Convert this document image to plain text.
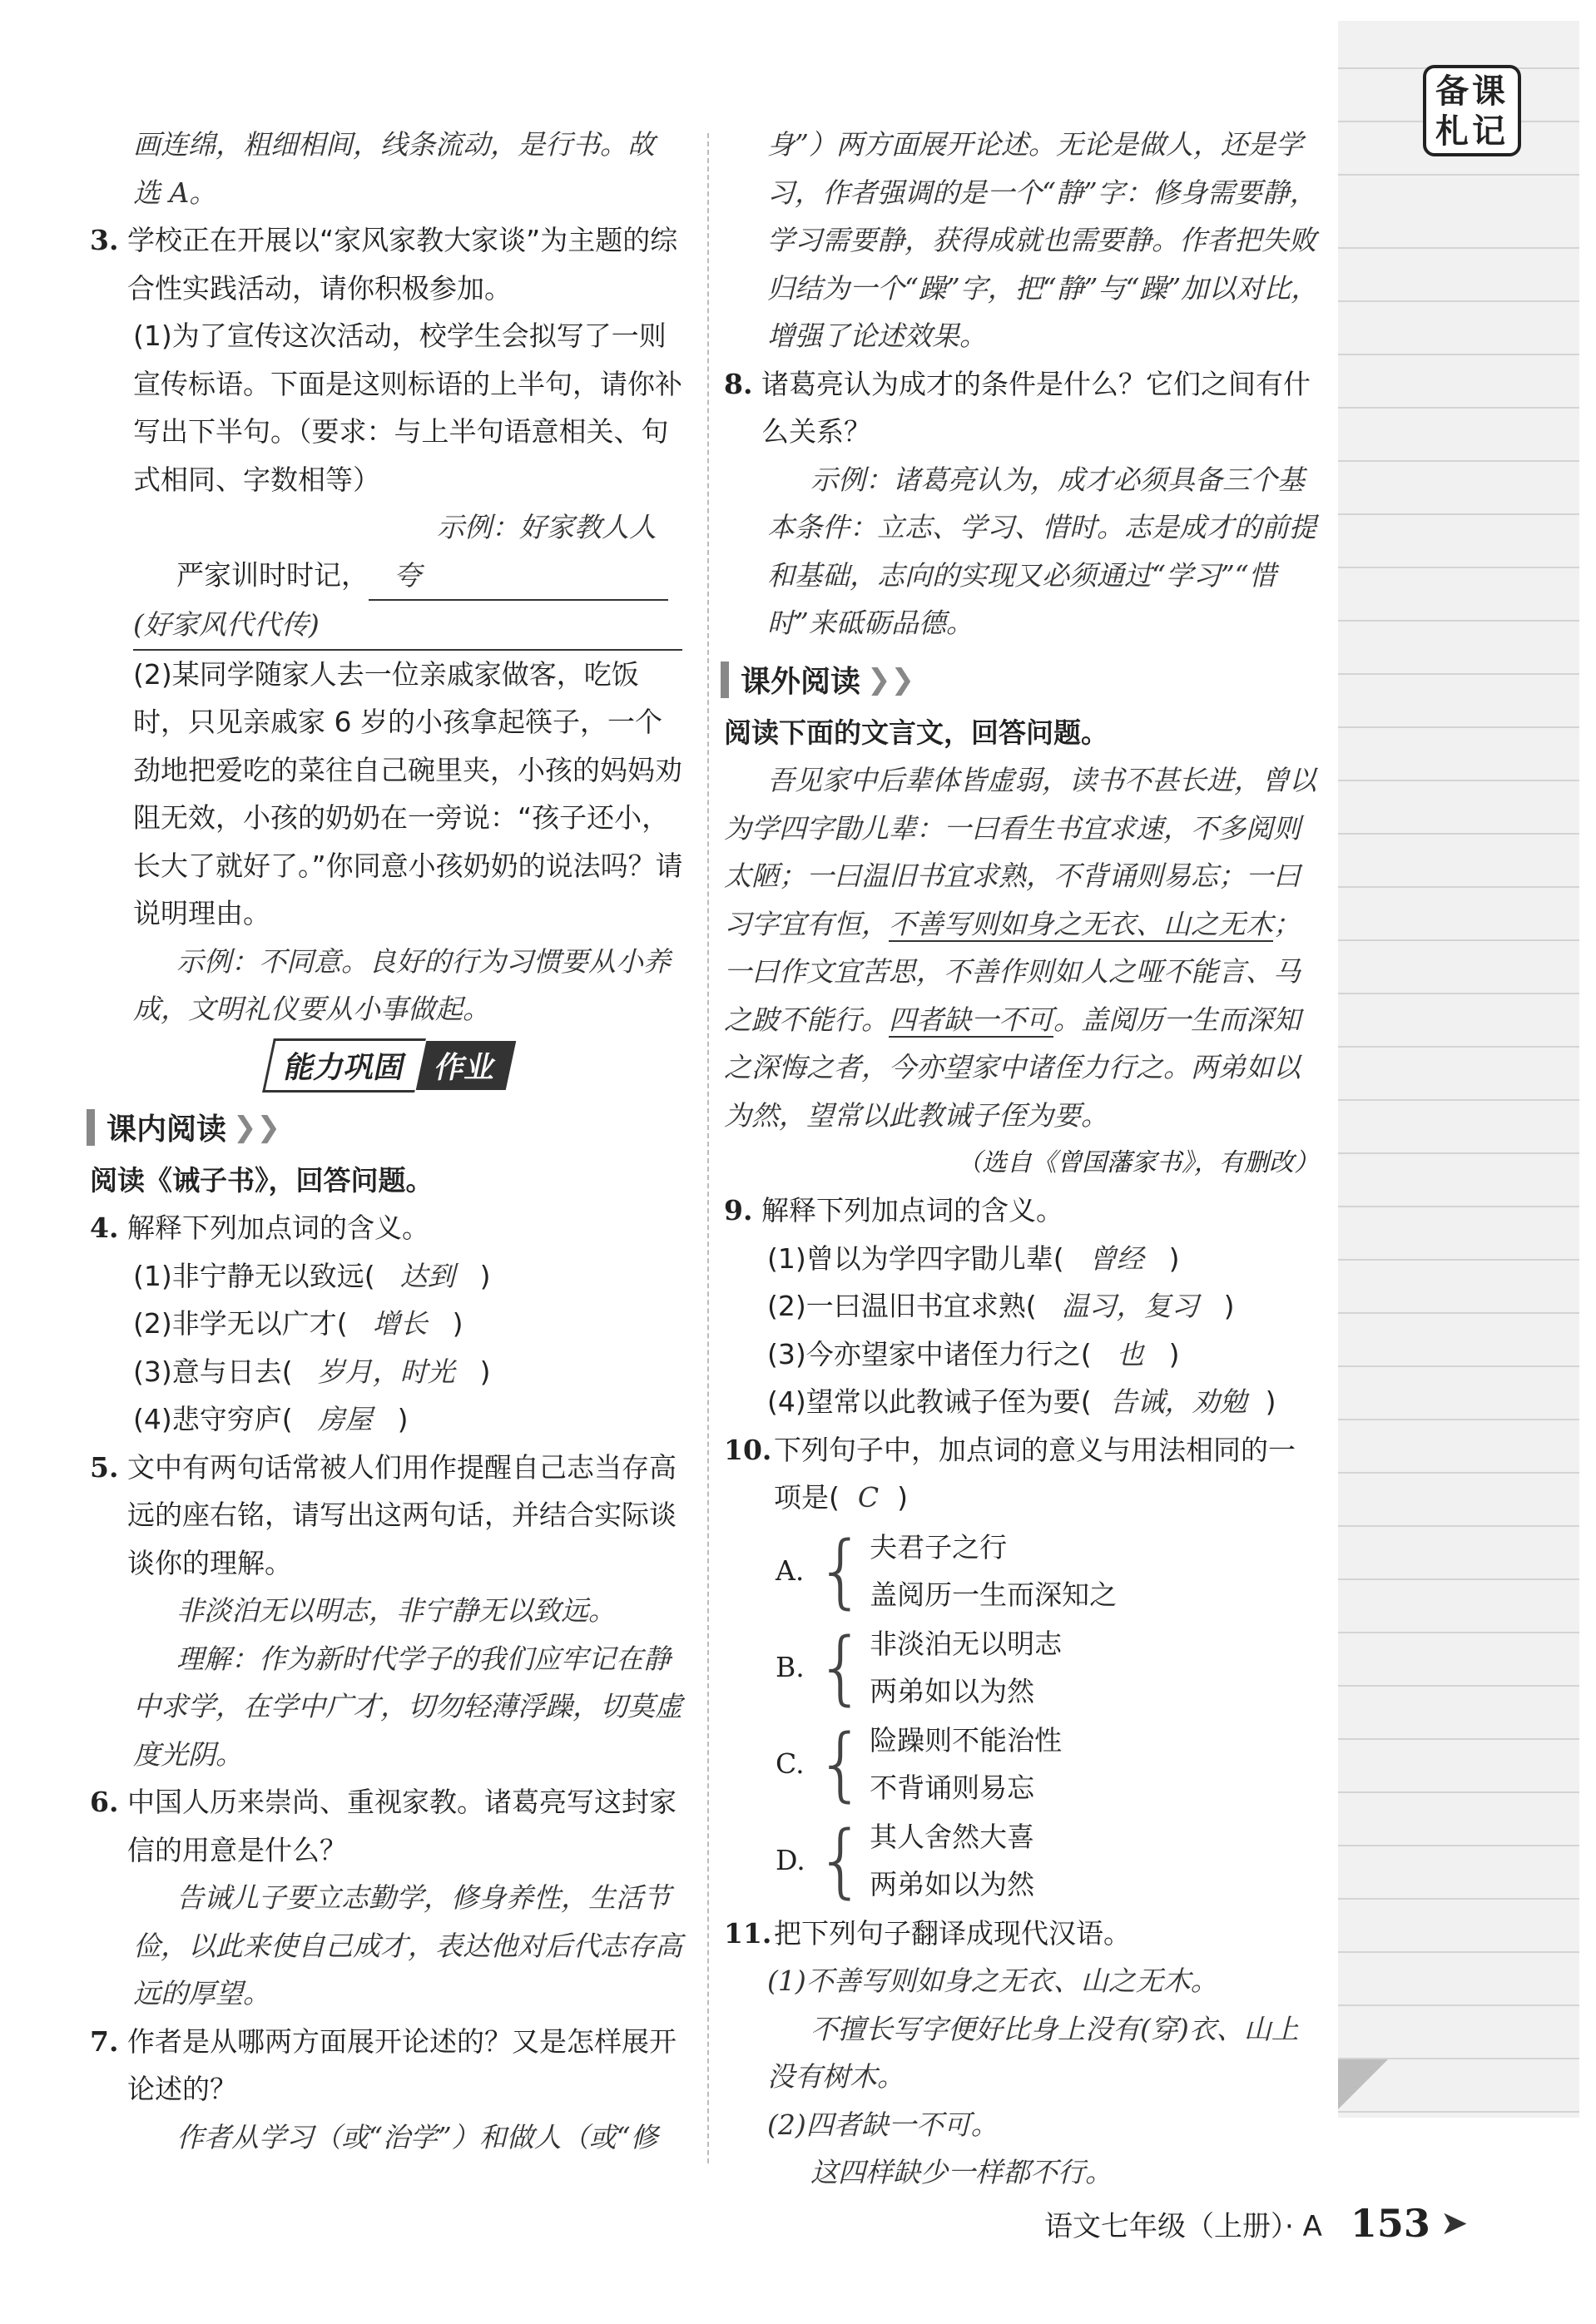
备 课
札 记

画连绵，粗细相间，线条流动，是行书。故

选 A。

3. 学校正在开展以“家风家教大家谈”为主题的综合性实践活动，请你积极参加。

(1)为了宣传这次活动，校学生会拟写了一则宣传标语。下面是这则标语的上半句，请你补写出下半句。（要求：与上半句语意相关、句式相同、字数相等）

严家训时时记，示例：好家教人人夸

(好家风代代传)

(2)某同学随家人去一位亲戚家做客，吃饭时，只见亲戚家 6 岁的小孩拿起筷子，一个劲地把爱吃的菜往自己碗里夹，小孩的妈妈劝阻无效，小孩的奶奶在一旁说：“孩子还小，长大了就好了。”你同意小孩奶奶的说法吗？请说明理由。

示例：不同意。良好的行为习惯要从小养成，文明礼仪要从小事做起。

能力巩固 作业
课内阅读 ❯❯

阅读《诫子书》，回答问题。

4. 解释下列加点词的含义。

(1)非宁静无以致远( 达到 )

(2)非学无以广才( 增长 )

(3)意与日去( 岁月，时光 )

(4)悲守穷庐( 房屋 )

5. 文中有两句话常被人们用作提醒自己志当存高远的座右铭，请写出这两句话，并结合实际谈谈你的理解。

非淡泊无以明志，非宁静无以致远。

理解：作为新时代学子的我们应牢记在静中求学，在学中广才，切勿轻薄浮躁，切莫虚度光阴。

6. 中国人历来崇尚、重视家教。诸葛亮写这封家信的用意是什么？

告诫儿子要立志勤学，修身养性，生活节俭，以此来使自己成才，表达他对后代志存高远的厚望。

7. 作者是从哪两方面展开论述的？又是怎样展开论述的？

作者从学习（或“治学”）和做人（或“修

身”）两方面展开论述。无论是做人，还是学习，作者强调的是一个“静”字：修身需要静，学习需要静，获得成就也需要静。作者把失败归结为一个“躁”字，把“静”与“躁”加以对比，增强了论述效果。

8. 诸葛亮认为成才的条件是什么？它们之间有什么关系？

示例：诸葛亮认为，成才必须具备三个基本条件：立志、学习、惜时。志是成才的前提和基础，志向的实现又必须通过“学习”“惜时”来砥砺品德。

课外阅读 ❯❯

阅读下面的文言文，回答问题。

吾见家中后辈体皆虚弱，读书不甚长进，曾以为学四字勖儿辈：一曰看生书宜求速，不多阅则太陋；一曰温旧书宜求熟，不背诵则易忘；一曰习字宜有恒，不善写则如身之无衣、山之无木；一曰作文宜苦思，不善作则如人之哑不能言、马之跛不能行。四者缺一不可。盖阅历一生而深知之深悔之者，今亦望家中诸侄力行之。两弟如以为然，望常以此教诫子侄为要。

（选自《曾国藩家书》，有删改）

9. 解释下列加点词的含义。

(1)曾以为学四字勖儿辈( 曾经 )

(2)一曰温旧书宜求熟( 温习，复习 )

(3)今亦望家中诸侄力行之( 也 )

(4)望常以此教诫子侄为要( 告诫，劝勉 )

10. 下列句子中，加点词的意义与用法相同的一项是( C )

A. { 夫君子之行

盖阅历一生而深知之

B. { 非淡泊无以明志

两弟如以为然

C. { 险躁则不能治性

不背诵则易忘

D. { 其人舍然大喜

两弟如以为然

11. 把下列句子翻译成现代汉语。

(1)不善写则如身之无衣、山之无木。

不擅长写字便好比身上没有(穿)衣、山上没有树木。

(2)四者缺一不可。

这四样缺少一样都不行。

语文七年级（上册）· A 153 ➤
